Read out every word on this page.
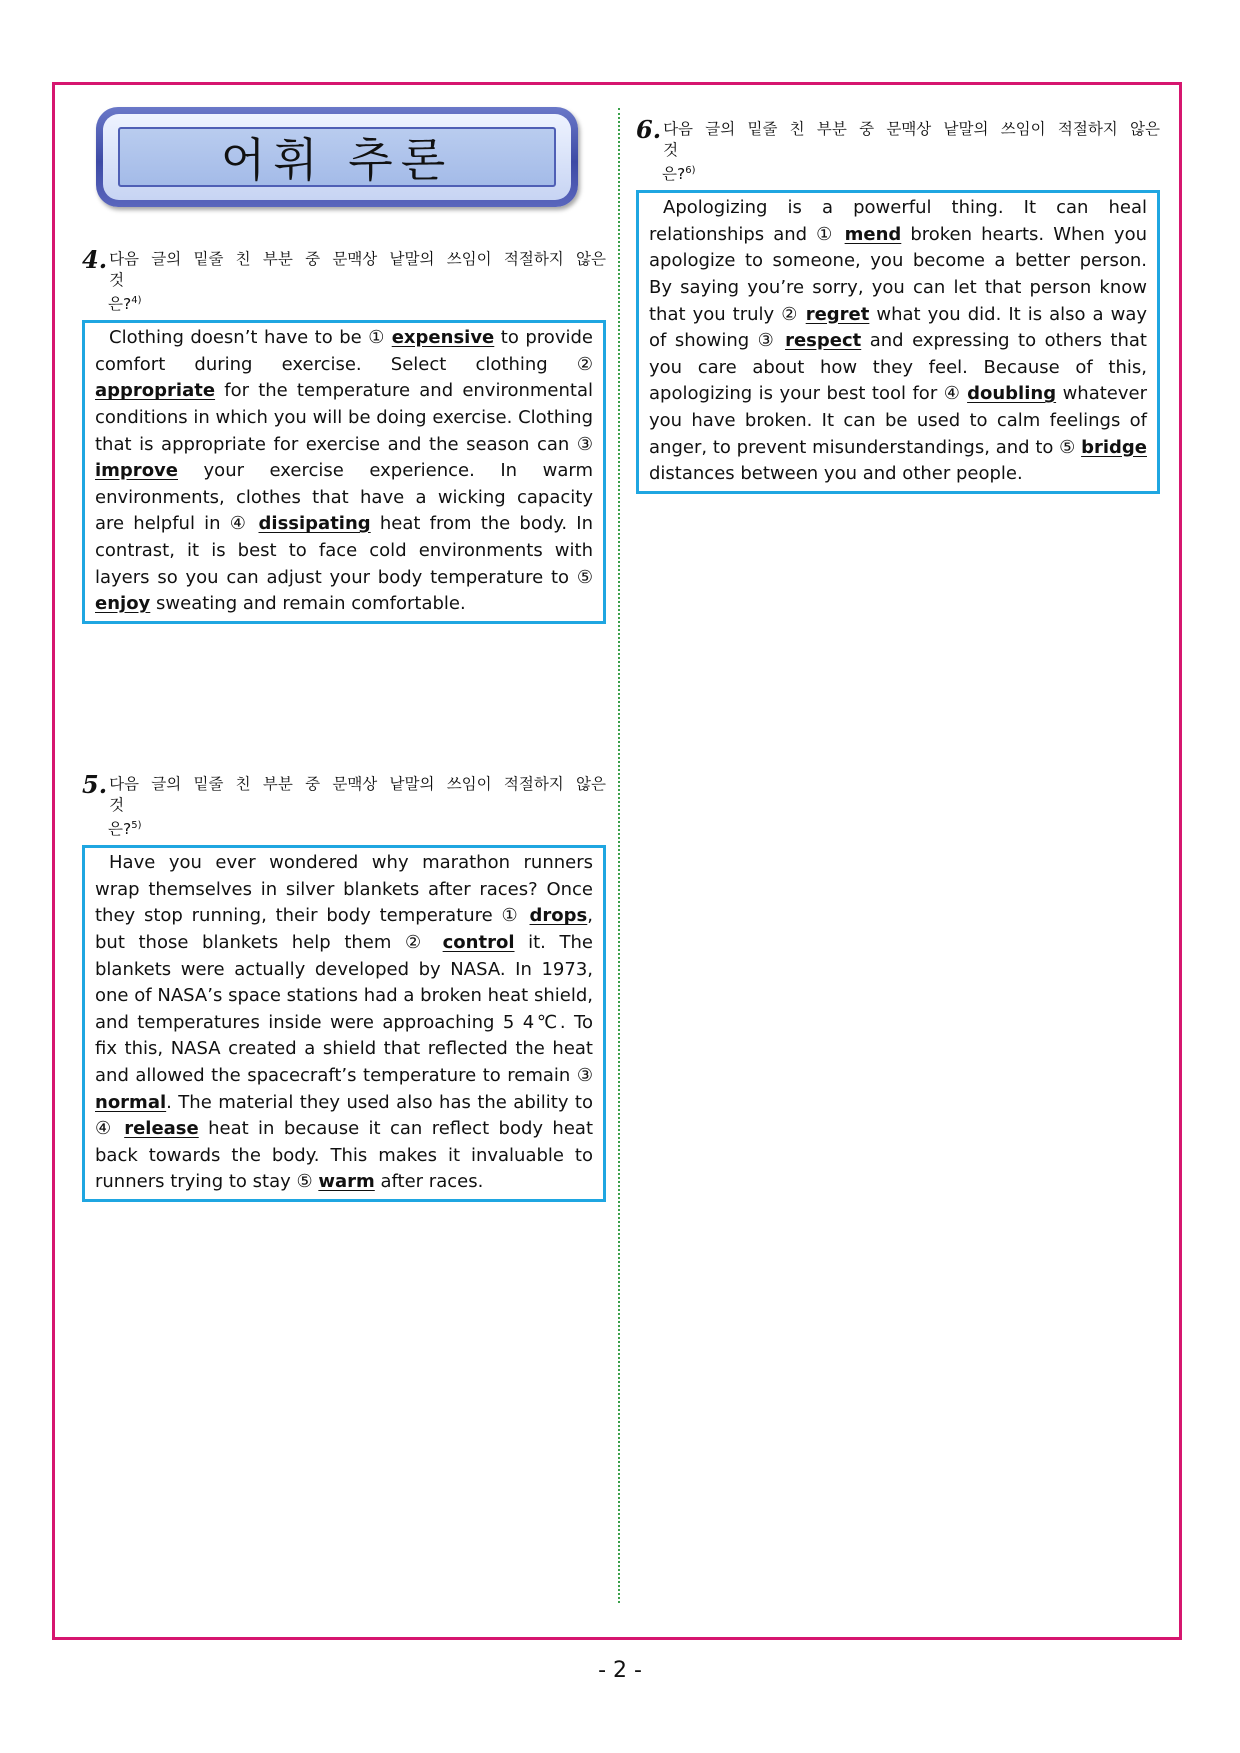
어휘 추론
4. 다음 글의 밑줄 친 부분 중 문맥상 낱말의 쓰임이 적절하지 않은 것
은?$^{4)}$
Clothing doesn’t have to be ① expensive to provide comfort during exercise. Select clothing ② appropriate for the temperature and environmental conditions in which you will be doing exercise. Clothing that is appropriate for exercise and the season can ③ improve your exercise experience. In warm environments, clothes that have a wicking capacity are helpful in ④ dissipating heat from the body. In contrast, it is best to face cold environments with layers so you can adjust your body temperature to ⑤ enjoy sweating and remain comfortable.
5. 다음 글의 밑줄 친 부분 중 문맥상 낱말의 쓰임이 적절하지 않은 것
은?$^{5)}$
Have you ever wondered why marathon runners wrap themselves in silver blankets after races? Once they stop running, their body temperature ① drops, but those blankets help them ② control it. The blankets were actually developed by NASA. In 1973, one of NASA’s space stations had a broken heat shield, and temperatures inside were approaching 5 4℃. To fix this, NASA created a shield that reflected the heat and allowed the spacecraft’s temperature to remain ③ normal. The material they used also has the ability to ④ release heat in because it can reflect body heat back towards the body. This makes it invaluable to runners trying to stay ⑤ warm after races.
6. 다음 글의 밑줄 친 부분 중 문맥상 낱말의 쓰임이 적절하지 않은 것
은?$^{6)}$
Apologizing is a powerful thing. It can heal relationships and ① mend broken hearts. When you apologize to someone, you become a better person. By saying you’re sorry, you can let that person know that you truly ② regret what you did. It is also a way of showing ③ respect and expressing to others that you care about how they feel. Because of this, apologizing is your best tool for ④ doubling whatever you have broken. It can be used to calm feelings of anger, to prevent misunderstandings, and to ⑤ bridge distances between you and other people.
- 2 -
